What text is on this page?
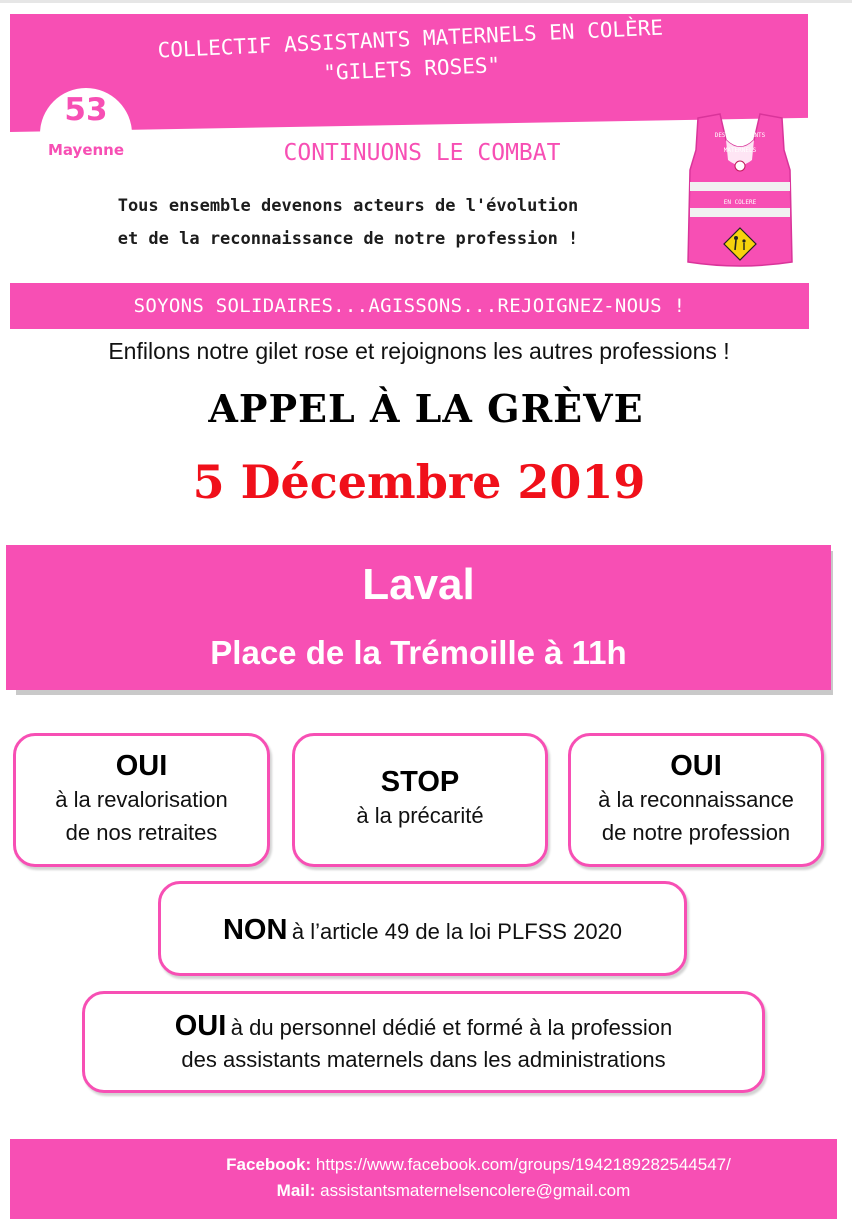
COLLECTIF ASSISTANTS MATERNELS EN COLÈRE
"GILETS ROSES"
53
Mayenne	CONTINUONS LE COMBAT
Tous ensemble devenons acteurs de l'évolution
et de la reconnaissance de notre profession !
COLLECTIF
DES ASSISTANTS
MATERNELS
EN COLERE
SOYONS SOLIDAIRES...AGISSONS...REJOIGNEZ-NOUS !
Enfilons notre gilet rose et rejoignons les autres professions !
APPEL À LA GRÈVE
5 Décembre 2019
Laval
Place de la Trémoille à 11h
OUI
à la revalorisation
de nos retraites
STOP
à la précarité
OUI
à la reconnaissance
de notre profession
NON à l’article 49 de la loi PLFSS 2020
OUI à du personnel dédié et formé à la profession
des assistants maternels dans les administrations
Facebook: https://www.facebook.com/groups/1942189282544547/
Mail: assistantsmaternelsencolere@gmail.com
